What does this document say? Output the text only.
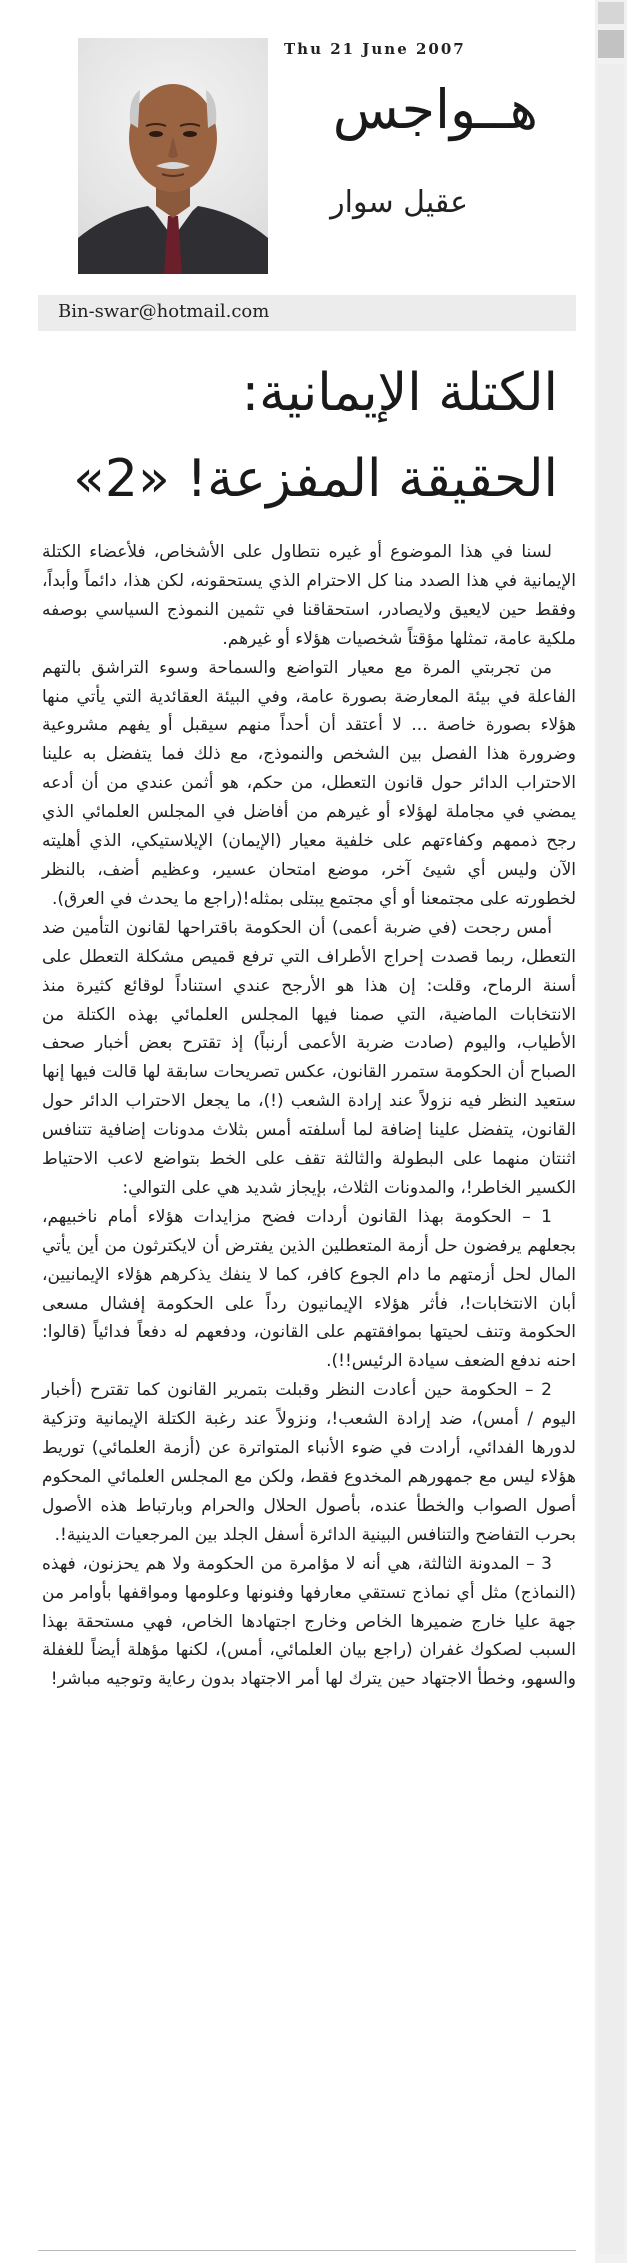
Thu 21 June 2007
هــواجس
عقيل سوار
Bin-swar@hotmail.com
الكتلة الإيمانية:
الحقيقة المفزعة! «2»

لسنا في هذا الموضوع أو غيره نتطاول على الأشخاص، فلأعضاء الكتلة الإيمانية في هذا الصدد منا كل الاحترام الذي يستحقونه، لكن هذا، دائماً وأبداً، وفقط حين لايعيق ولايصادر، استحقاقنا في تثمين النموذج السياسي بوصفه ملكية عامة، تمثلها مؤقتاً شخصيات هؤلاء أو غيرهم.

من تجربتي المرة مع معيار التواضع والسماحة وسوء التراشق بالتهم الفاعلة في بيئة المعارضة بصورة عامة، وفي البيئة العقائدية التي يأتي منها هؤلاء بصورة خاصة ... لا أعتقد أن أحداً منهم سيقبل أو يفهم مشروعية وضرورة هذا الفصل بين الشخص والنموذج، مع ذلك فما يتفضل به علينا الاحتراب الدائر حول قانون التعطل، من حكم، هو أثمن عندي من أن أدعه يمضي في مجاملة لهؤلاء أو غيرهم من أفاضل في المجلس العلمائي الذي رجح ذممهم وكفاءتهم على خلفية معيار (الإيمان) الإيلاستيكي، الذي أهليته الآن وليس أي شيئ آخر، موضع امتحان عسير، وعظيم أضف، بالنظر لخطورته على مجتمعنا أو أي مجتمع يبتلى بمثله!(راجع ما يحدث في العرق).

أمس رجحت (في ضربة أعمى) أن الحكومة باقتراحها لقانون التأمين ضد التعطل، ربما قصدت إحراج الأطراف التي ترفع قميص مشكلة التعطل على أسنة الرماح، وقلت: إن هذا هو الأرجح عندي استناداً لوقائع كثيرة منذ الانتخابات الماضية، التي صمنا فيها المجلس العلمائي بهذه الكتلة من الأطياب، واليوم (صادت ضربة الأعمى أرنباً) إذ تقترح بعض أخبار صحف الصباح أن الحكومة ستمرر القانون، عكس تصريحات سابقة لها قالت فيها إنها ستعيد النظر فيه نزولاً عند إرادة الشعب (!)، ما يجعل الاحتراب الدائر حول القانون، يتفضل علينا إضافة لما أسلفته أمس بثلاث مدونات إضافية تتنافس اثنتان منهما على البطولة والثالثة تقف على الخط بتواضع لاعب الاحتياط الكسير الخاطر!، والمدونات الثلاث، بإيجاز شديد هي على التوالي:

1 – الحكومة بهذا القانون أردات فضح مزايدات هؤلاء أمام ناخبيهم، بجعلهم يرفضون حل أزمة المتعطلين الذين يفترض أن لايكترثون من أين يأتي المال لحل أزمتهم ما دام الجوع كافر، كما لا ينفك يذكرهم هؤلاء الإيمانيين، أبان الانتخابات!، فأثر هؤلاء الإيمانيون رداً على الحكومة إفشال مسعى الحكومة وتنف لحيتها بموافقتهم على القانون، ودفعهم له دفعاً فدائياً (قالوا: احنه ندفع الضعف سيادة الرئيس!!).

2 – الحكومة حين أعادت النظر وقبلت بتمرير القانون كما تقترح (أخبار اليوم / أمس)، ضد إرادة الشعب!، ونزولاً عند رغبة الكتلة الإيمانية وتزكية لدورها الفدائي، أرادت في ضوء الأنباء المتواترة عن (أزمة العلمائي) توريط هؤلاء ليس مع جمهورهم المخدوع فقط، ولكن مع المجلس العلمائي المحكوم أصول الصواب والخطأ عنده، بأصول الحلال والحرام وبارتباط هذه الأصول بحرب التفاضح والتنافس البينية الدائرة أسفل الجلد بين المرجعيات الدينية!.

3 – المدونة الثالثة، هي أنه لا مؤامرة من الحكومة ولا هم يحزنون، فهذه (النماذج) مثل أي نماذج تستقي معارفها وفنونها وعلومها ومواقفها بأوامر من جهة عليا خارج ضميرها الخاص وخارج اجتهادها الخاص، فهي مستحقة بهذا السبب لصكوك غفران (راجع بيان العلمائي، أمس)، لكنها مؤهلة أيضاً للغفلة والسهو، وخطأ الاجتهاد حين يترك لها أمر الاجتهاد بدون رعاية وتوجيه مباشر!
